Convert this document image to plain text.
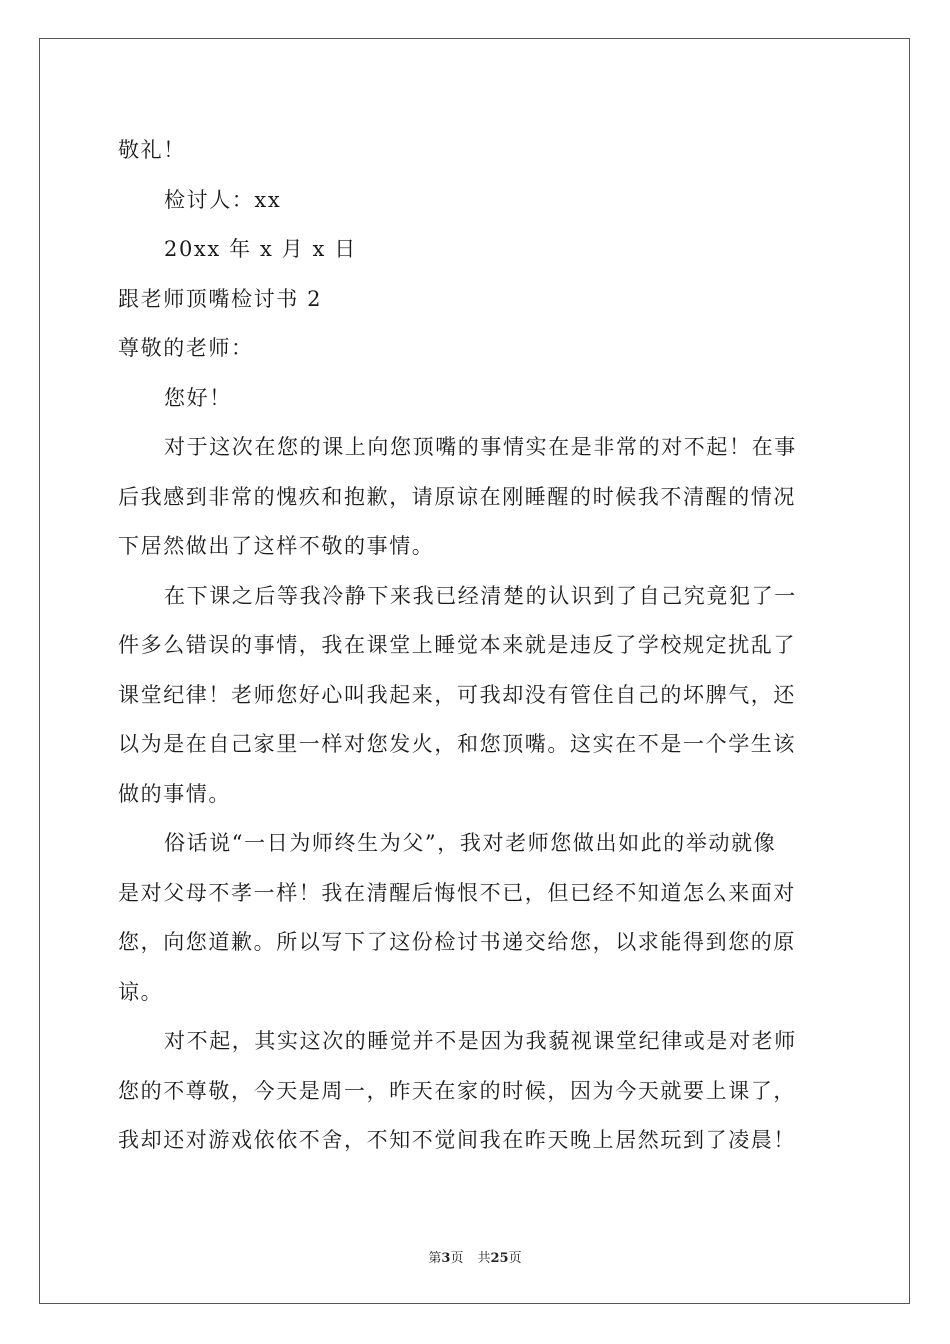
敬礼！
检讨人：xx
20xx 年 x 月 x 日
跟老师顶嘴检讨书 2
尊敬的老师：
您好！
对于这次在您的课上向您顶嘴的事情实在是非常的对不起！在事
后我感到非常的愧疚和抱歉，请原谅在刚睡醒的时候我不清醒的情况
下居然做出了这样不敬的事情。
在下课之后等我冷静下来我已经清楚的认识到了自己究竟犯了一
件多么错误的事情，我在课堂上睡觉本来就是违反了学校规定扰乱了
课堂纪律！老师您好心叫我起来，可我却没有管住自己的坏脾气，还
以为是在自己家里一样对您发火，和您顶嘴。这实在不是一个学生该
做的事情。
俗话说“一日为师终生为父”，我对老师您做出如此的举动就像
是对父母不孝一样！我在清醒后悔恨不已，但已经不知道怎么来面对
您，向您道歉。所以写下了这份检讨书递交给您，以求能得到您的原
谅。
对不起，其实这次的睡觉并不是因为我藐视课堂纪律或是对老师
您的不尊敬，今天是周一，昨天在家的时候，因为今天就要上课了，
我却还对游戏依依不舍，不知不觉间我在昨天晚上居然玩到了凌晨！
第3页 共25页
